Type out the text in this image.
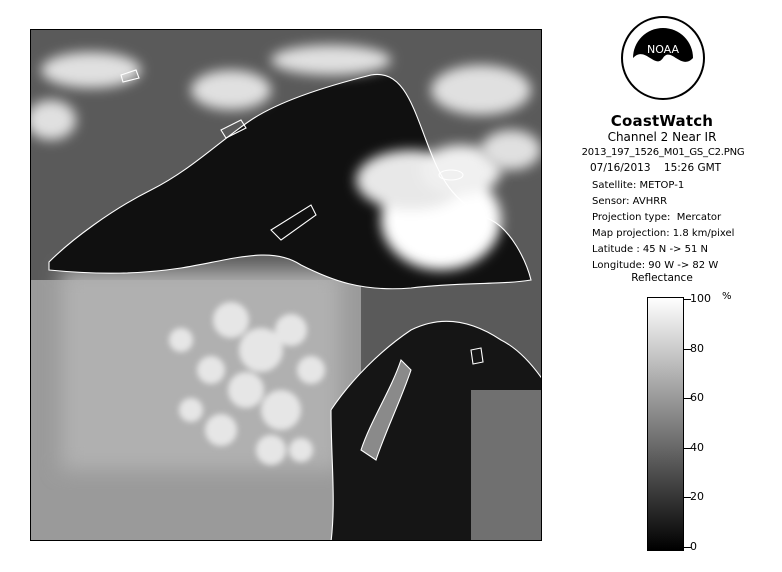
NOAA
CoastWatch
Channel 2 Near IR
2013_197_1526_M01_GS_C2.PNG
07/16/2013 15:26 GMT
Satellite: METOP-1
Sensor: AVHRR
Projection type:  Mercator
Map projection: 1.8 km/pixel
Latitude : 45 N -> 51 N
Longitude: 90 W -> 82 W
Reflectance
%
100
80
60
40
20
0
